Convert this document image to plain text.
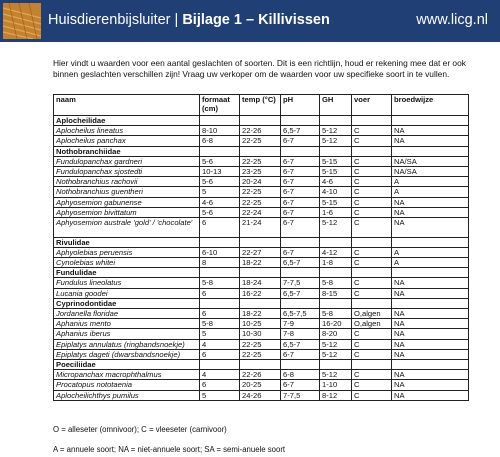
Huisdierenbijsluiter | Bijlage 1 – Killivissen	www.licg.nl

Hier vindt u waarden voor een aantal geslachten of soorten. Dit is een richtlijn, houd er rekening mee dat er ook binnen geslachten verschillen zijn! Vraag uw verkoper om de waarden voor uw specifieke soort in te vullen.

naam	formaat (cm)	temp (°C)	pH	GH	voer	broedwijze
Aplocheilidae						
Aplocheilus lineatus	8-10	22-26	6,5-7	5-12	C	NA
Aplocheilus panchax	6-8	22-25	6-7	5-12	C	NA
Nothobranchiidae						
Fundulopanchax gardneri	5-6	22-25	6-7	5-15	C	NA/SA
Fundulopanchax sjostedti	10-13	23-25	6-7	5-15	C	NA/SA
Nothobranchius rachovii	5-6	20-24	6-7	4-6	C	A
Nothobranchius guentheri	5	22-25	6-7	4-10	C	A
Aphyosemion gabunense	4-6	22-25	6-7	5-15	C	NA
Aphyosemion bivittatum	5-6	22-24	6-7	1-6	C	NA
Aphyosemion australe 'gold' / 'chocolate'	6	21-24	6-7	5-12	C	NA
Rivulidae						
Aphyolebias peruensis	6-10	22-27	6-7	4-12	C	A
Cynolebias whitei	8	18-22	6,5-7	1-8	C	A
Fundulidae						
Fundulus lineolatus	5-8	18-24	7-7,5	5-8	C	NA
Lucania goodei	6	16-22	6,5-7	8-15	C	NA
Cyprinodontidae						
Jordanella floridae	6	18-22	6,5-7,5	5-8	O,algen	NA
Aphanius mento	5-8	10-25	7-9	16-20	O,algen	NA
Aphanius iberus	5	10-30	7-8	8-20	C	NA
Epiplatys annulatus (ringbandsnoekje)	4	22-25	6,5-7	5-12	C	NA
Epiplatys dageti (dwarsbandsnoekje)	6	22-25	6-7	5-12	C	NA
Poeciliidae						
Micropanchax macrophthalmus	4	22-26	6-8	5-12	C	NA
Procatopus nototaenia	6	20-25	6-7	1-10	C	NA
Aplocheilichthys pumilus	5	24-26	7-7,5	8-12	C	NA
O = alleseter (omnivoor); C = vleeseter (carnivoor)
A = annuele soort; NA = niet-annuele soort; SA = semi-anuele soort
